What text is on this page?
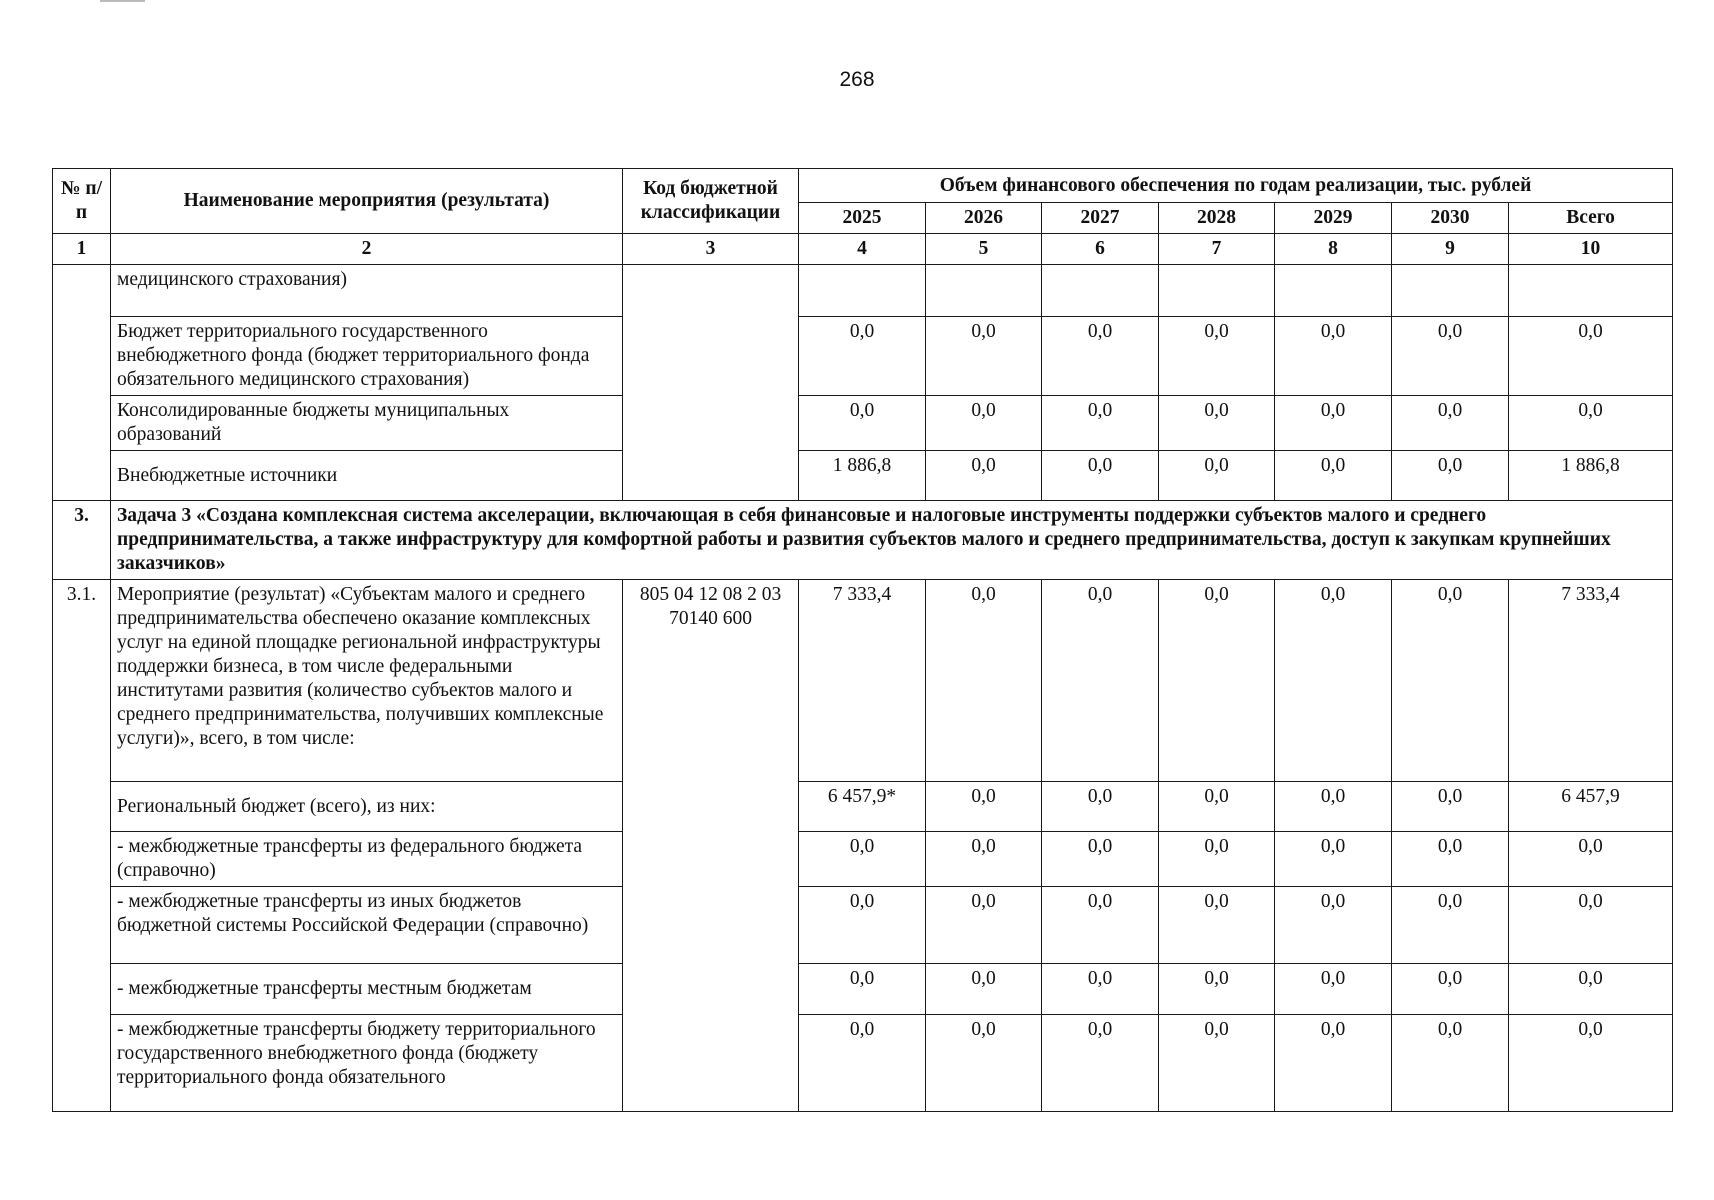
268
№ п/п	Наименование мероприятия (результата)	Код бюджетной классификации	Объем финансового обеспечения по годам реализации, тыс. рублей						
			2025	2026	2027	2028	2029	2030	Всего
1	2	3	4	5	6	7	8	9	10
	медицинского страхования)								
	Бюджет территориального государственного внебюджетного фонда (бюджет территориального фонда обязательного медицинского страхования)		0,0	0,0	0,0	0,0	0,0	0,0	0,0
	Консолидированные бюджеты муниципальных образований		0,0	0,0	0,0	0,0	0,0	0,0	0,0
	Внебюджетные источники		1 886,8	0,0	0,0	0,0	0,0	0,0	1 886,8
3.	Задача 3 «Создана комплексная система акселерации, включающая в себя финансовые и налоговые инструменты поддержки субъектов малого и среднего предпринимательства, а также инфраструктуру для комфортной работы и развития субъектов малого и среднего предпринимательства, доступ к закупкам крупнейших заказчиков»								
3.1.	Мероприятие (результат) «Субъектам малого и среднего предпринимательства обеспечено оказание комплексных услуг на единой площадке региональной инфраструктуры поддержки бизнеса, в том числе федеральными институтами развития (количество субъектов малого и среднего предпринимательства, получивших комплексные услуги)», всего, в том числе:	805 04 12 08 2 03 70140 600	7 333,4	0,0	0,0	0,0	0,0	0,0	7 333,4
	Региональный бюджет (всего), из них:		6 457,9*	0,0	0,0	0,0	0,0	0,0	6 457,9
	- межбюджетные трансферты из федерального бюджета (справочно)		0,0	0,0	0,0	0,0	0,0	0,0	0,0
	- межбюджетные трансферты из иных бюджетов бюджетной системы Российской Федерации (справочно)		0,0	0,0	0,0	0,0	0,0	0,0	0,0
	- межбюджетные трансферты местным бюджетам		0,0	0,0	0,0	0,0	0,0	0,0	0,0
	- межбюджетные трансферты бюджету территориального государственного внебюджетного фонда (бюджету территориального фонда обязательного		0,0	0,0	0,0	0,0	0,0	0,0	0,0
